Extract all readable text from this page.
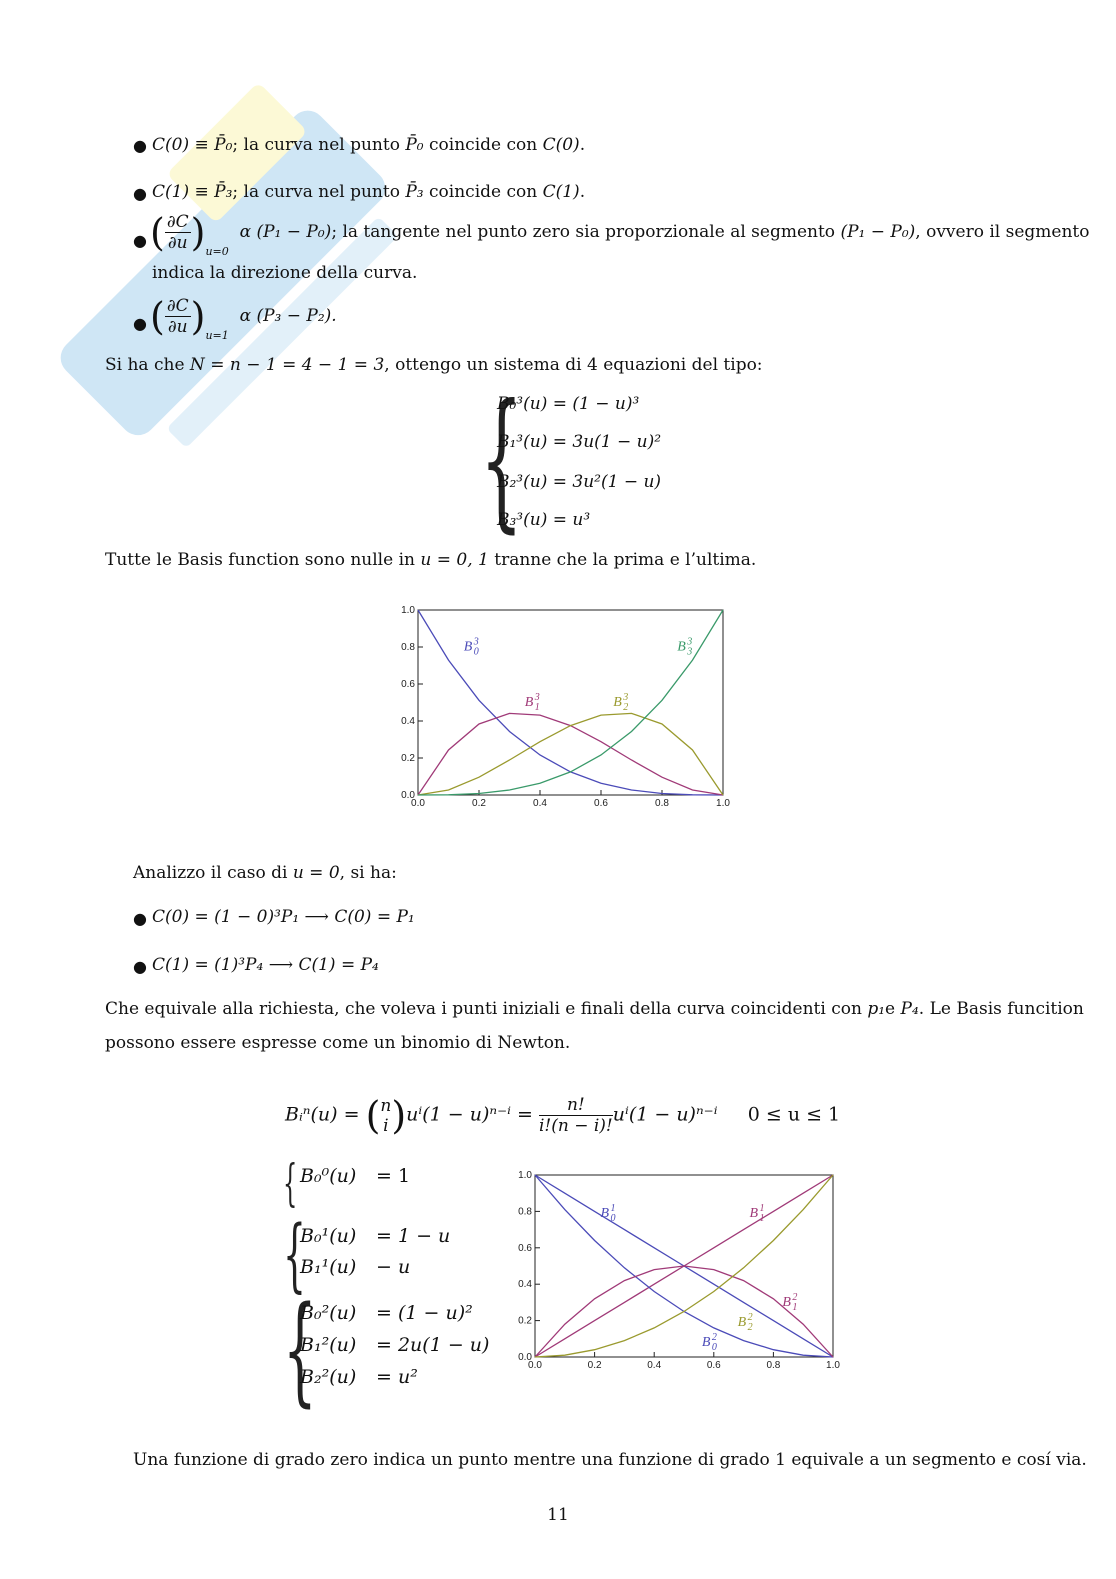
● C(0) ≡ P̄₀; la curva nel punto P̄₀ coincide con C(0).
● C(1) ≡ P̄₃; la curva nel punto P̄₃ coincide con C(1).
● ( $\frac{\partial C}{\partial u} )_{u=0}$  α (P₁ − P₀); la tangente nel punto zero sia proporzionale al segmento (P₁ − P₀), ovvero il segmento
indica la direzione della curva.
● ( $\frac{\partial C}{\partial u} )_{u=1}$  α (P₃ − P₂).
Si ha che N = n − 1 = 4 − 1 = 3, ottengo un sistema di 4 equazioni del tipo:
{
B₀³(u) = (1 − u)³
B₁³(u) = 3u(1 − u)²
B₂³(u) = 3u²(1 − u)
B₃³(u) = u³
Tutte le Basis function sono nulle in u = 0, 1 tranne che la prima e l’ultima.
0.0	0.2	0.4	0.6	0.8	1.0
0.0
0.2
0.4
0.6
0.8
1.0
B 3
0
B 3
1	B 3
2
B 3
3
Analizzo il caso di u = 0, si ha:
● C(0) = (1 − 0)³P₁ ⟶ C(0) = P₁
● C(1) = (1)³P₄ ⟶ C(1) = P₄
Che equivale alla richiesta, che voleva i punti iniziali e finali della curva coincidenti con p₁e P₄. Le Basis funcition
possono essere espresse come un binomio di Newton.
Bᵢⁿ(u) = ( n
i )$u^i(1 - u)^{n-i} = \frac{n!}{i!(n - i)!} u^i(1 - u)^{n-i}$ 0 ≤ u ≤ 1
{ B₀⁰(u) = 1
{
B₀¹(u) = 1 − u
B₁¹(u) − u
{
B₀²(u) = (1 − u)²
B₁²(u) = 2u(1 − u)
B₂²(u) = u²
0.0	0.2	0.4	0.6	0.8	1.0
0.0
0.2
0.4
0.6
0.8
1.0
B 1
0	B 1
1
B 2
0
B 2
1
B 2
2
Una funzione di grado zero indica un punto mentre una funzione di grado 1 equivale a un segmento e cosí via.
11
